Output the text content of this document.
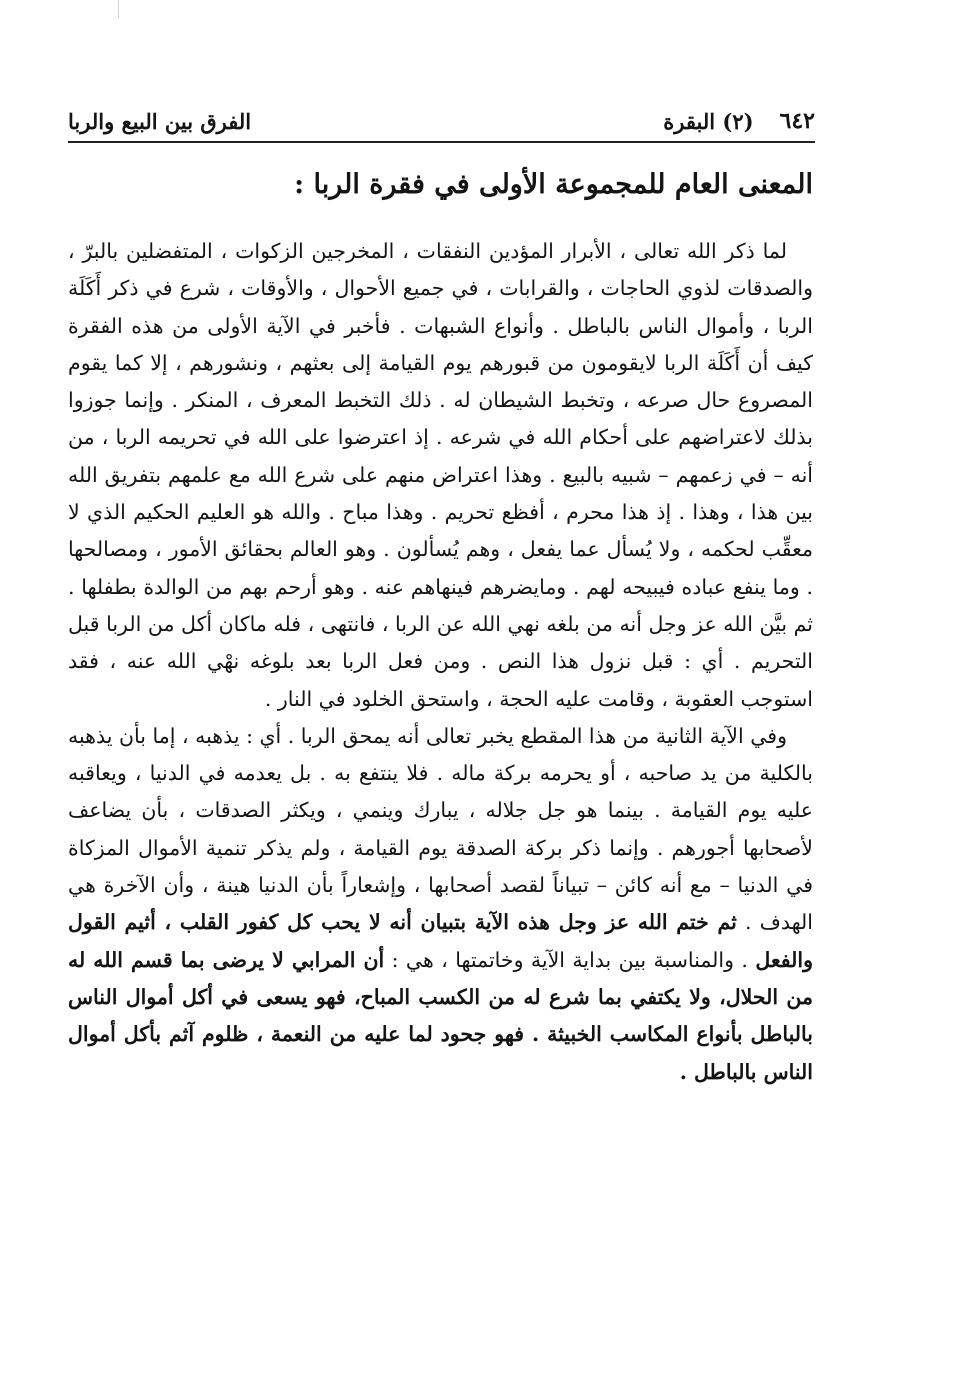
٦٤٢
(٢) البقرة
الفرق بين البيع والربا
المعنى العام للمجموعة الأولى في فقرة الربا :

لما ذكر الله تعالى ، الأبرار المؤدين النفقات ، المخرجين الزكوات ، المتفضلين بالبرّ ، والصدقات لذوي الحاجات ، والقرابات ، في جميع الأحوال ، والأوقات ، شرع في ذكر أَكَلَة الربا ، وأموال الناس بالباطل . وأنواع الشبهات . فأخبر في الآية الأولى من هذه الفقرة كيف أن أَكَلَة الربا لايقومون من قبورهم يوم القيامة إلى بعثهم ، ونشورهم ، إلا كما يقوم المصروع حال صرعه ، وتخبط الشيطان له . ذلك التخبط المعرف ، المنكر . وإنما جوزوا بذلك لاعتراضهم على أحكام الله في شرعه . إذ اعترضوا على الله في تحريمه الربا ، من أنه – في زعمهم – شبيه بالبيع . وهذا اعتراض منهم على شرع الله مع علمهم بتفريق الله بين هذا ، وهذا . إذ هذا محرم ، أفظع تحريم . وهذا مباح . والله هو العليم الحكيم الذي لا معقِّب لحكمه ، ولا يُسأل عما يفعل ، وهم يُسألون . وهو العالم بحقائق الأمور ، ومصالحها . وما ينفع عباده فيبيحه لهم . ومايضرهم فينهاهم عنه . وهو أرحم بهم من الوالدة بطفلها . ثم بيَّن الله عز وجل أنه من بلغه نهي الله عن الربا ، فانتهى ، فله ماكان أكل من الربا قبل التحريم . أي : قبل نزول هذا النص . ومن فعل الربا بعد بلوغه نهْي الله عنه ، فقد استوجب العقوبة ، وقامت عليه الحجة ، واستحق الخلود في النار .

وفي الآية الثانية من هذا المقطع يخبر تعالى أنه يمحق الربا . أي : يذهبه ، إما بأن يذهبه بالكلية من يد صاحبه ، أو يحرمه بركة ماله . فلا ينتفع به . بل يعدمه في الدنيا ، ويعاقبه عليه يوم القيامة . بينما هو جل جلاله ، يبارك وينمي ، ويكثر الصدقات ، بأن يضاعف لأصحابها أجورهم . وإنما ذكر بركة الصدقة يوم القيامة ، ولم يذكر تنمية الأموال المزكاة في الدنيا – مع أنه كائن – تبياناً لقصد أصحابها ، وإشعاراً بأن الدنيا هينة ، وأن الآخرة هي الهدف . ثم ختم الله عز وجل هذه الآية بتبيان أنه لا يحب كل كفور القلب ، أثيم القول والفعل . والمناسبة بين بداية الآية وخاتمتها ، هي : أن المرابي لا يرضى بما قسم الله له من الحلال، ولا يكتفي بما شرع له من الكسب المباح، فهو يسعى في أكل أموال الناس بالباطل بأنواع المكاسب الخبيثة . فهو جحود لما عليه من النعمة ، ظلوم آثم بأكل أموال الناس بالباطل .
